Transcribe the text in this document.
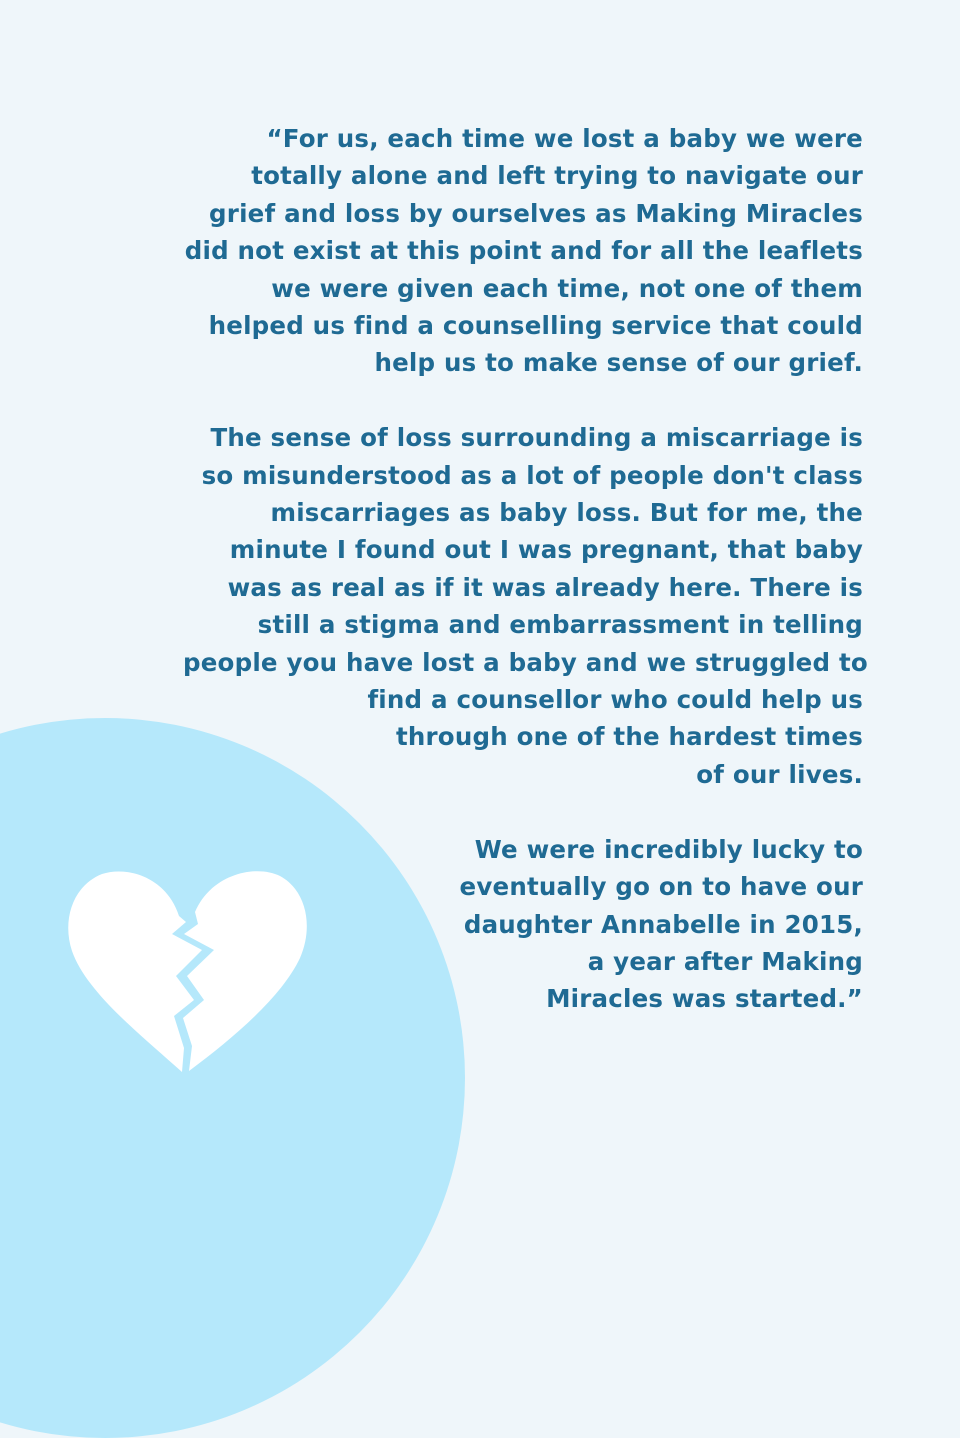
“For us, each time we lost a baby we were
totally alone and left trying to navigate our
grief and loss by ourselves as Making Miracles
did not exist at this point and for all the leaflets
we were given each time, not one of them
helped us find a counselling service that could
help us to make sense of our grief.

The sense of loss surrounding a miscarriage is
so misunderstood as a lot of people don't class
miscarriages as baby loss. But for me, the
minute I found out I was pregnant, that baby
was as real as if it was already here. There is
still a stigma and embarrassment in telling
people you have lost a baby and we struggled to
find a counsellor who could help us
through one of the hardest times
of our lives.

We were incredibly lucky to
eventually go on to have our
daughter Annabelle in 2015,
a year after Making
Miracles was started.”
